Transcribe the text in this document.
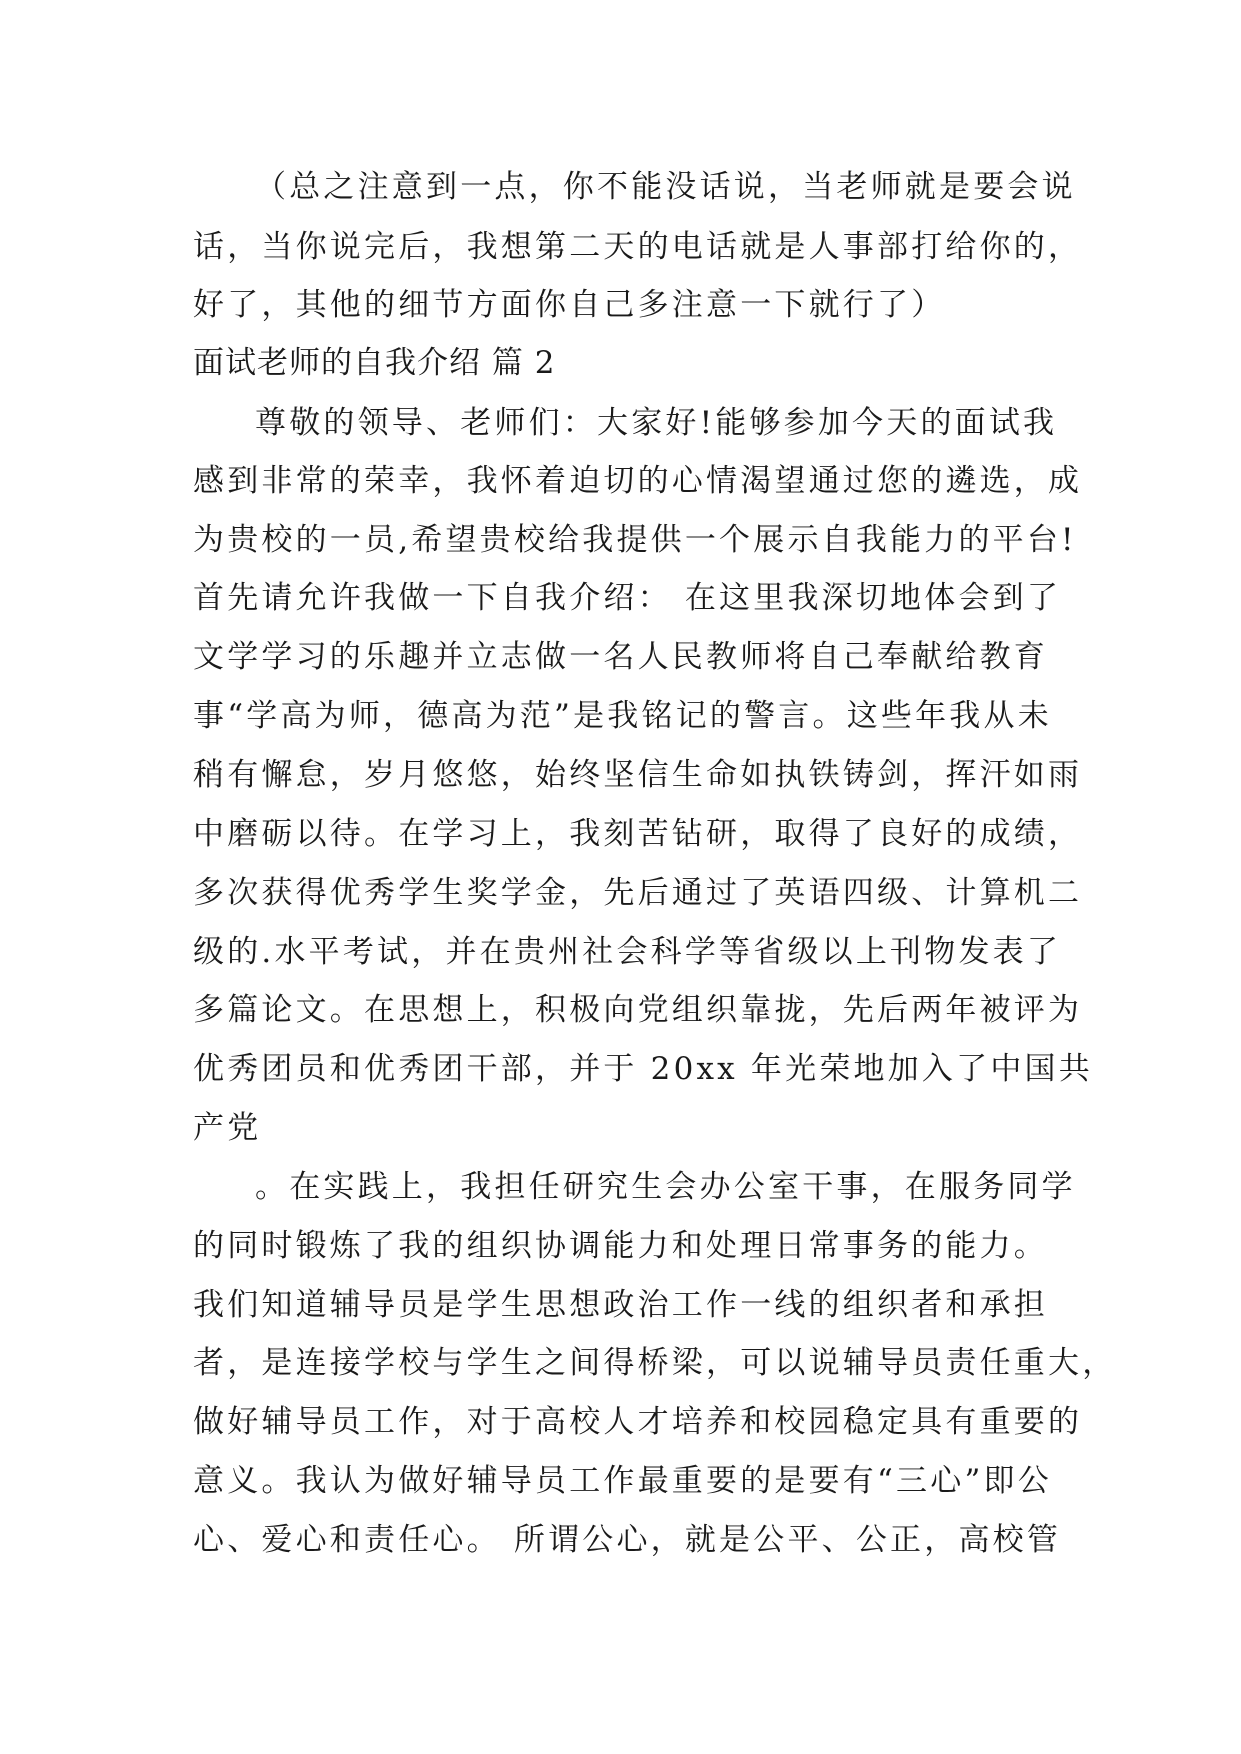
（总之注意到一点，你不能没话说，当老师就是要会说
话，当你说完后，我想第二天的电话就是人事部打给你的，
好了，其他的细节方面你自己多注意一下就行了）
面试老师的自我介绍 篇 2
尊敬的领导、老师们：大家好!能够参加今天的面试我
感到非常的荣幸，我怀着迫切的心情渴望通过您的遴选，成
为贵校的一员,希望贵校给我提供一个展示自我能力的平台!
首先请允许我做一下自我介绍： 在这里我深切地体会到了
文学学习的乐趣并立志做一名人民教师将自己奉献给教育
事“学高为师，德高为范”是我铭记的警言。这些年我从未
稍有懈怠，岁月悠悠，始终坚信生命如执铁铸剑，挥汗如雨
中磨砺以待。在学习上，我刻苦钻研，取得了良好的成绩，
多次获得优秀学生奖学金，先后通过了英语四级、计算机二
级的.水平考试，并在贵州社会科学等省级以上刊物发表了
多篇论文。在思想上，积极向党组织靠拢，先后两年被评为
优秀团员和优秀团干部，并于 20xx 年光荣地加入了中国共
产党
。在实践上，我担任研究生会办公室干事，在服务同学
的同时锻炼了我的组织协调能力和处理日常事务的能力。
我们知道辅导员是学生思想政治工作一线的组织者和承担
者，是连接学校与学生之间得桥梁，可以说辅导员责任重大，
做好辅导员工作，对于高校人才培养和校园稳定具有重要的
意义。我认为做好辅导员工作最重要的是要有“三心”即公
心、爱心和责任心。 所谓公心，就是公平、公正，高校管
